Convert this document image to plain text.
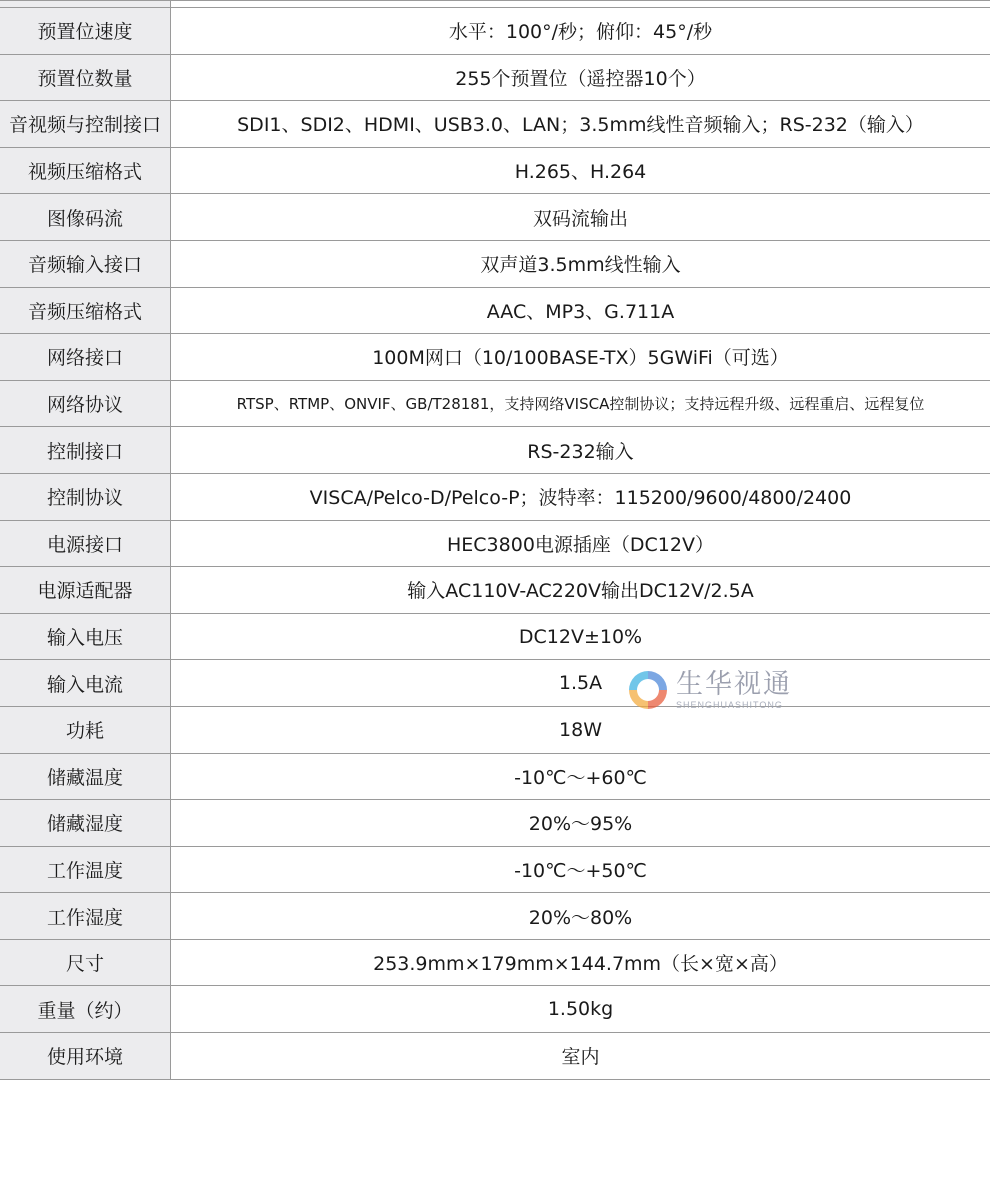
预置位速度	水平：100°/秒；俯仰：45°/秒
预置位数量	255个预置位（遥控器10个）
音视频与控制接口	SDI1、SDI2、HDMI、USB3.0、LAN；3.5mm线性音频输入；RS-232（输入）
视频压缩格式	H.265、H.264
图像码流	双码流输出
音频输入接口	双声道3.5mm线性输入
音频压缩格式	AAC、MP3、G.711A
网络接口	100M网口（10/100BASE-TX）5GWiFi（可选）
网络协议	RTSP、RTMP、ONVIF、GB/T28181，支持网络VISCA控制协议；支持远程升级、远程重启、远程复位
控制接口	RS-232输入
控制协议	VISCA/Pelco-D/Pelco-P；波特率：115200/9600/4800/2400
电源接口	HEC3800电源插座（DC12V）
电源适配器	输入AC110V-AC220V输出DC12V/2.5A
输入电压	DC12V±10%
输入电流	1.5A
功耗	18W
储藏温度	-10℃～+60℃
储藏湿度	20%～95%
工作温度	-10℃～+50℃
工作湿度	20%～80%
尺寸	253.9mm×179mm×144.7mm（长×宽×高）
重量（约）	1.50kg
使用环境	室内
生华视通
SHENGHUASHITONG
